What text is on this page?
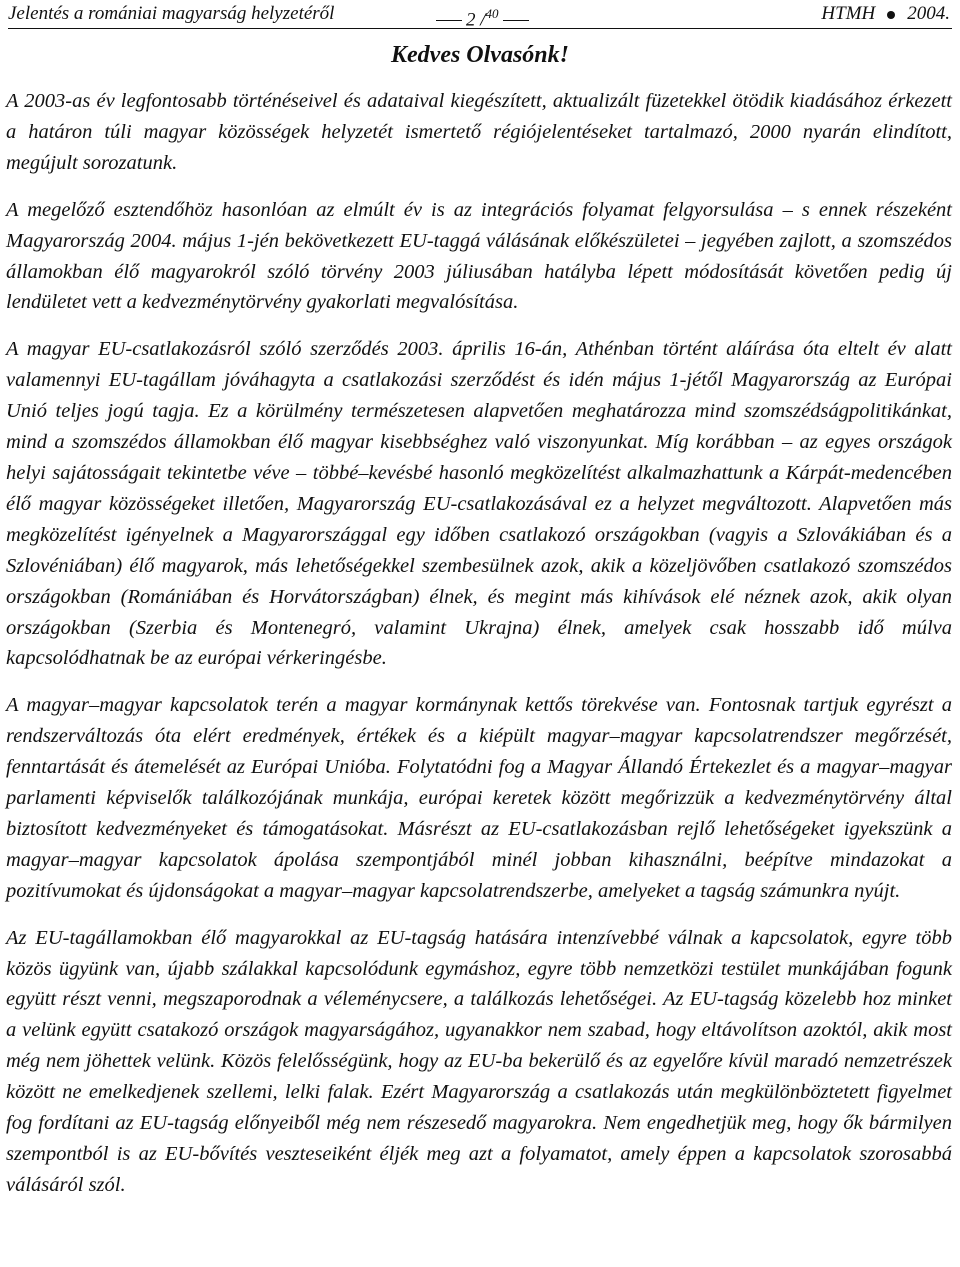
Jelentés a romániai magyarság helyzetéről	2 /$^{40}$	HTMH 2004.
Kedves Olvasónk!

A 2003-as év legfontosabb történéseivel és adataival kiegészített, aktualizált füzetekkel ötödik kiadásához érkezett a határon túli magyar közösségek helyzetét ismertető régiójelentéseket tartalmazó, 2000 nyarán elindított, megújult sorozatunk.

A megelőző esztendőhöz hasonlóan az elmúlt év is az integrációs folyamat felgyorsulása – s ennek részeként Magyarország 2004. május 1-jén bekövetkezett EU-taggá válásának előkészületei – jegyében zajlott, a szomszédos államokban élő magyarokról szóló törvény 2003 júliusában hatályba lépett módosítását követően pedig új lendületet vett a kedvezménytörvény gyakorlati megvalósítása.

A magyar EU-csatlakozásról szóló szerződés 2003. április 16-án, Athénban történt aláírása óta eltelt év alatt valamennyi EU-tagállam jóváhagyta a csatlakozási szerződést és idén május 1-jétől Magyarország az Európai Unió teljes jogú tagja. Ez a körülmény természetesen alapvetően meghatározza mind szomszédságpolitikánkat, mind a szomszédos államokban élő magyar kisebbséghez való viszonyunkat. Míg korábban – az egyes országok helyi sajátosságait tekintetbe véve – többé–kevésbé hasonló megközelítést alkalmazhattunk a Kárpát-medencében élő magyar közösségeket illetően, Magyarország EU-csatlakozásával ez a helyzet megváltozott. Alapvetően más megközelítést igényelnek a Magyarországgal egy időben csatlakozó országokban (vagyis a Szlovákiában és a Szlovéniában) élő magyarok, más lehetőségekkel szembesülnek azok, akik a közeljövőben csatlakozó szomszédos országokban (Romániában és Horvátországban) élnek, és megint más kihívások elé néznek azok, akik olyan országokban (Szerbia és Montenegró, valamint Ukrajna) élnek, amelyek csak hosszabb idő múlva kapcsolódhatnak be az európai vérkeringésbe.

A magyar–magyar kapcsolatok terén a magyar kormánynak kettős törekvése van. Fontosnak tartjuk egyrészt a rendszerváltozás óta elért eredmények, értékek és a kiépült magyar–magyar kapcsolatrendszer megőrzését, fenntartását és átemelését az Európai Unióba. Folytatódni fog a Magyar Állandó Értekezlet és a magyar–magyar parlamenti képviselők találkozójának munkája, európai keretek között megőrizzük a kedvezménytörvény által biztosított kedvezményeket és támogatásokat. Másrészt az EU-csatlakozásban rejlő lehetőségeket igyekszünk a magyar–magyar kapcsolatok ápolása szempontjából minél jobban kihasználni, beépítve mindazokat a pozitívumokat és újdonságokat a magyar–magyar kapcsolatrendszerbe, amelyeket a tagság számunkra nyújt.

Az EU-tagállamokban élő magyarokkal az EU-tagság hatására intenzívebbé válnak a kapcsolatok, egyre több közös ügyünk van, újabb szálakkal kapcsolódunk egymáshoz, egyre több nemzetközi testület munkájában fogunk együtt részt venni, megszaporodnak a véleménycsere, a találkozás lehetőségei. Az EU-tagság közelebb hoz minket a velünk együtt csatakozó országok magyarságához, ugyanakkor nem szabad, hogy eltávolítson azoktól, akik most még nem jöhettek velünk. Közös felelősségünk, hogy az EU-ba bekerülő és az egyelőre kívül maradó nemzetrészek között ne emelkedjenek szellemi, lelki falak. Ezért Magyarország a csatlakozás után megkülönböztetett figyelmet fog fordítani az EU-tagság előnyeiből még nem részesedő magyarokra. Nem engedhetjük meg, hogy ők bármilyen szempontból is az EU-bővítés veszteseiként éljék meg azt a folyamatot, amely éppen a kapcsolatok szorosabbá válásáról szól.
